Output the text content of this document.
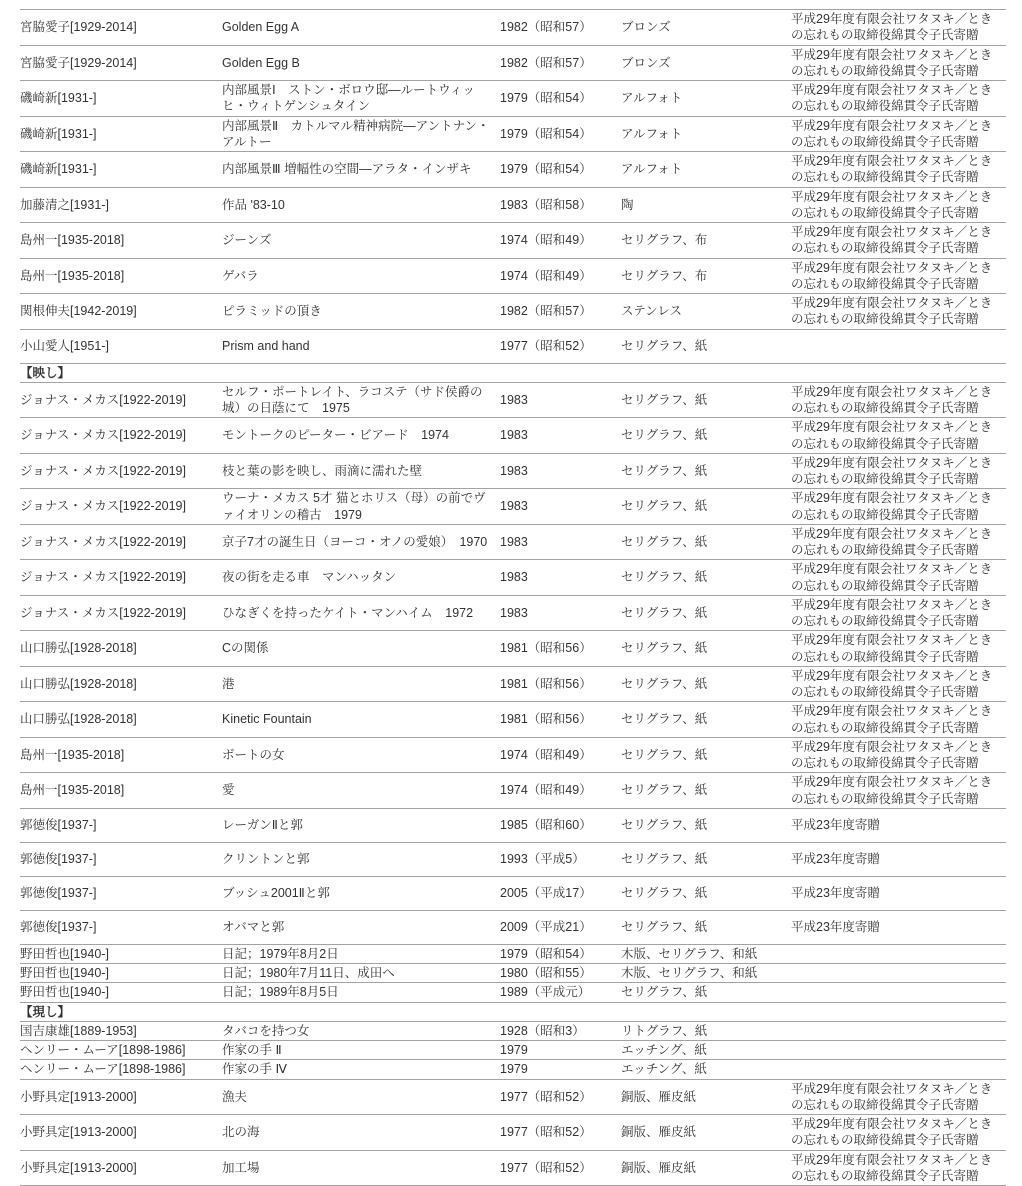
宮脇愛子[1929-2014]	Golden Egg A	1982（昭和57）	ブロンズ	平成29年度有限会社ワタヌキ／ときの忘れもの取締役綿貫令子氏寄贈
宮脇愛子[1929-2014]	Golden Egg B	1982（昭和57）	ブロンズ	平成29年度有限会社ワタヌキ／ときの忘れもの取締役綿貫令子氏寄贈
磯崎新[1931-]	内部風景Ⅰ　ストン・ボロウ邸―ルートウィッヒ・ウィトゲンシュタイン	1979（昭和54）	アルフォト	平成29年度有限会社ワタヌキ／ときの忘れもの取締役綿貫令子氏寄贈
磯崎新[1931-]	内部風景Ⅱ　カトルマル精神病院―アントナン・アルトー	1979（昭和54）	アルフォト	平成29年度有限会社ワタヌキ／ときの忘れもの取締役綿貫令子氏寄贈
磯崎新[1931-]	内部風景Ⅲ 増幅性の空間―アラタ・インザキ	1979（昭和54）	アルフォト	平成29年度有限会社ワタヌキ／ときの忘れもの取締役綿貫令子氏寄贈
加藤清之[1931-]	作品 '83-10	1983（昭和58）	陶	平成29年度有限会社ワタヌキ／ときの忘れもの取締役綿貫令子氏寄贈
島州一[1935-2018]	ジーンズ	1974（昭和49）	セリグラフ、布	平成29年度有限会社ワタヌキ／ときの忘れもの取締役綿貫令子氏寄贈
島州一[1935-2018]	ゲバラ	1974（昭和49）	セリグラフ、布	平成29年度有限会社ワタヌキ／ときの忘れもの取締役綿貫令子氏寄贈
関根伸夫[1942-2019]	ピラミッドの頂き	1982（昭和57）	ステンレス	平成29年度有限会社ワタヌキ／ときの忘れもの取締役綿貫令子氏寄贈
小山愛人[1951-]	Prism and hand	1977（昭和52）	セリグラフ、紙	
【映し】				
ジョナス・メカス[1922-2019]	セルフ・ポートレイト、ラコステ（サド侯爵の城）の日蔭にて　1975	1983	セリグラフ、紙	平成29年度有限会社ワタヌキ／ときの忘れもの取締役綿貫令子氏寄贈
ジョナス・メカス[1922-2019]	モントークのピーター・ビアード　1974	1983	セリグラフ、紙	平成29年度有限会社ワタヌキ／ときの忘れもの取締役綿貫令子氏寄贈
ジョナス・メカス[1922-2019]	枝と葉の影を映し、雨滴に濡れた壁	1983	セリグラフ、紙	平成29年度有限会社ワタヌキ／ときの忘れもの取締役綿貫令子氏寄贈
ジョナス・メカス[1922-2019]	ウーナ・メカス 5才 猫とホリス（母）の前でヴァイオリンの稽古　1979	1983	セリグラフ、紙	平成29年度有限会社ワタヌキ／ときの忘れもの取締役綿貫令子氏寄贈
ジョナス・メカス[1922-2019]	京子7才の誕生日（ヨーコ・オノの愛娘）　1970	1983	セリグラフ、紙	平成29年度有限会社ワタヌキ／ときの忘れもの取締役綿貫令子氏寄贈
ジョナス・メカス[1922-2019]	夜の街を走る車　マンハッタン	1983	セリグラフ、紙	平成29年度有限会社ワタヌキ／ときの忘れもの取締役綿貫令子氏寄贈
ジョナス・メカス[1922-2019]	ひなぎくを持ったケイト・マンハイム　1972	1983	セリグラフ、紙	平成29年度有限会社ワタヌキ／ときの忘れもの取締役綿貫令子氏寄贈
山口勝弘[1928-2018]	Cの関係	1981（昭和56）	セリグラフ、紙	平成29年度有限会社ワタヌキ／ときの忘れもの取締役綿貫令子氏寄贈
山口勝弘[1928-2018]	港	1981（昭和56）	セリグラフ、紙	平成29年度有限会社ワタヌキ／ときの忘れもの取締役綿貫令子氏寄贈
山口勝弘[1928-2018]	Kinetic Fountain	1981（昭和56）	セリグラフ、紙	平成29年度有限会社ワタヌキ／ときの忘れもの取締役綿貫令子氏寄贈
島州一[1935-2018]	ボートの女	1974（昭和49）	セリグラフ、紙	平成29年度有限会社ワタヌキ／ときの忘れもの取締役綿貫令子氏寄贈
島州一[1935-2018]	愛	1974（昭和49）	セリグラフ、紙	平成29年度有限会社ワタヌキ／ときの忘れもの取締役綿貫令子氏寄贈
郭徳俊[1937-]	レーガンⅡと郭	1985（昭和60）	セリグラフ、紙	平成23年度寄贈
郭徳俊[1937-]	クリントンと郭	1993（平成5）	セリグラフ、紙	平成23年度寄贈
郭徳俊[1937-]	ブッシュ2001Ⅱと郭	2005（平成17）	セリグラフ、紙	平成23年度寄贈
郭徳俊[1937-]	オバマと郭	2009（平成21）	セリグラフ、紙	平成23年度寄贈
野田哲也[1940-]	日記；1979年8月2日	1979（昭和54）	木版、セリグラフ、和紙	
野田哲也[1940-]	日記；1980年7月11日、成田へ	1980（昭和55）	木版、セリグラフ、和紙	
野田哲也[1940-]	日記；1989年8月5日	1989（平成元）	セリグラフ、紙	
【現し】				
国吉康雄[1889-1953]	タバコを持つ女	1928（昭和3）	リトグラフ、紙	
ヘンリー・ムーア[1898-1986]	作家の手 Ⅱ	1979	エッチング、紙	
ヘンリー・ムーア[1898-1986]	作家の手 Ⅳ	1979	エッチング、紙	
小野具定[1913-2000]	漁夫	1977（昭和52）	銅版、雁皮紙	平成29年度有限会社ワタヌキ／ときの忘れもの取締役綿貫令子氏寄贈
小野具定[1913-2000]	北の海	1977（昭和52）	銅版、雁皮紙	平成29年度有限会社ワタヌキ／ときの忘れもの取締役綿貫令子氏寄贈
小野具定[1913-2000]	加工場	1977（昭和52）	銅版、雁皮紙	平成29年度有限会社ワタヌキ／ときの忘れもの取締役綿貫令子氏寄贈
